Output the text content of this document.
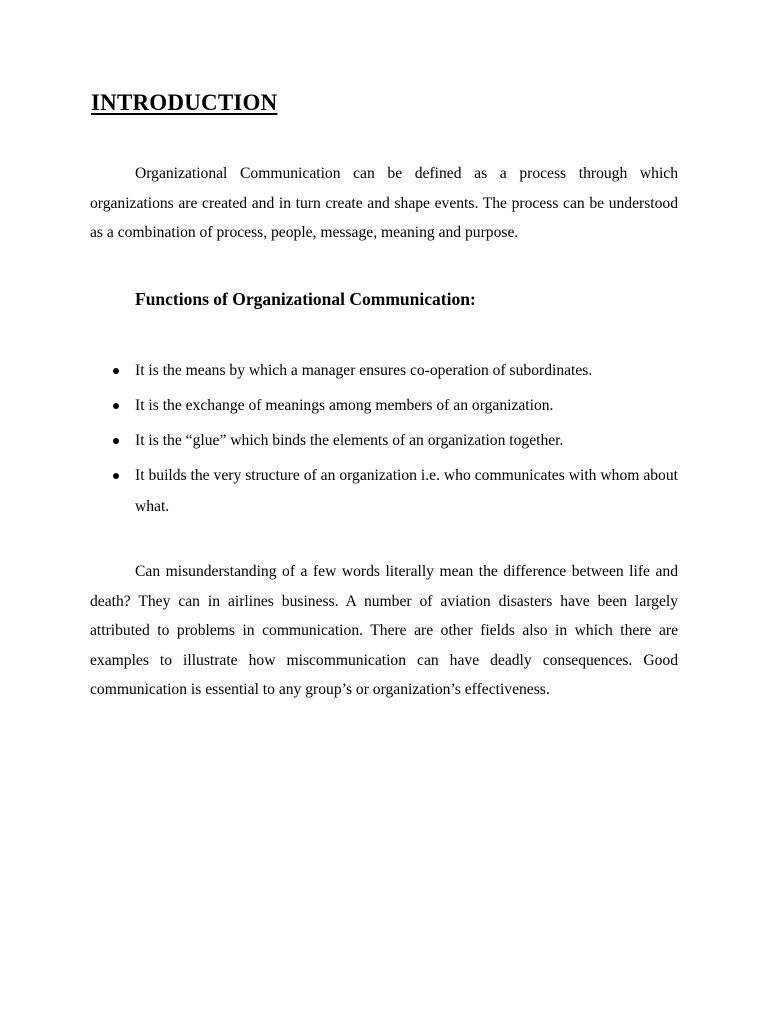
INTRODUCTION

Organizational Communication can be defined as a process through which organizations are created and in turn create and shape events. The process can be understood as a combination of process, people, message, meaning and purpose.

Functions of Organizational Communication:
It is the means by which a manager ensures co-operation of subordinates.
It is the exchange of meanings among members of an organization.
It is the “glue” which binds the elements of an organization together.
It builds the very structure of an organization i.e. who communicates with whom about what.

Can misunderstanding of a few words literally mean the difference between life and death? They can in airlines business. A number of aviation disasters have been largely attributed to problems in communication. There are other fields also in which there are examples to illustrate how miscommunication can have deadly consequences. Good communication is essential to any group’s or organization’s effectiveness.
